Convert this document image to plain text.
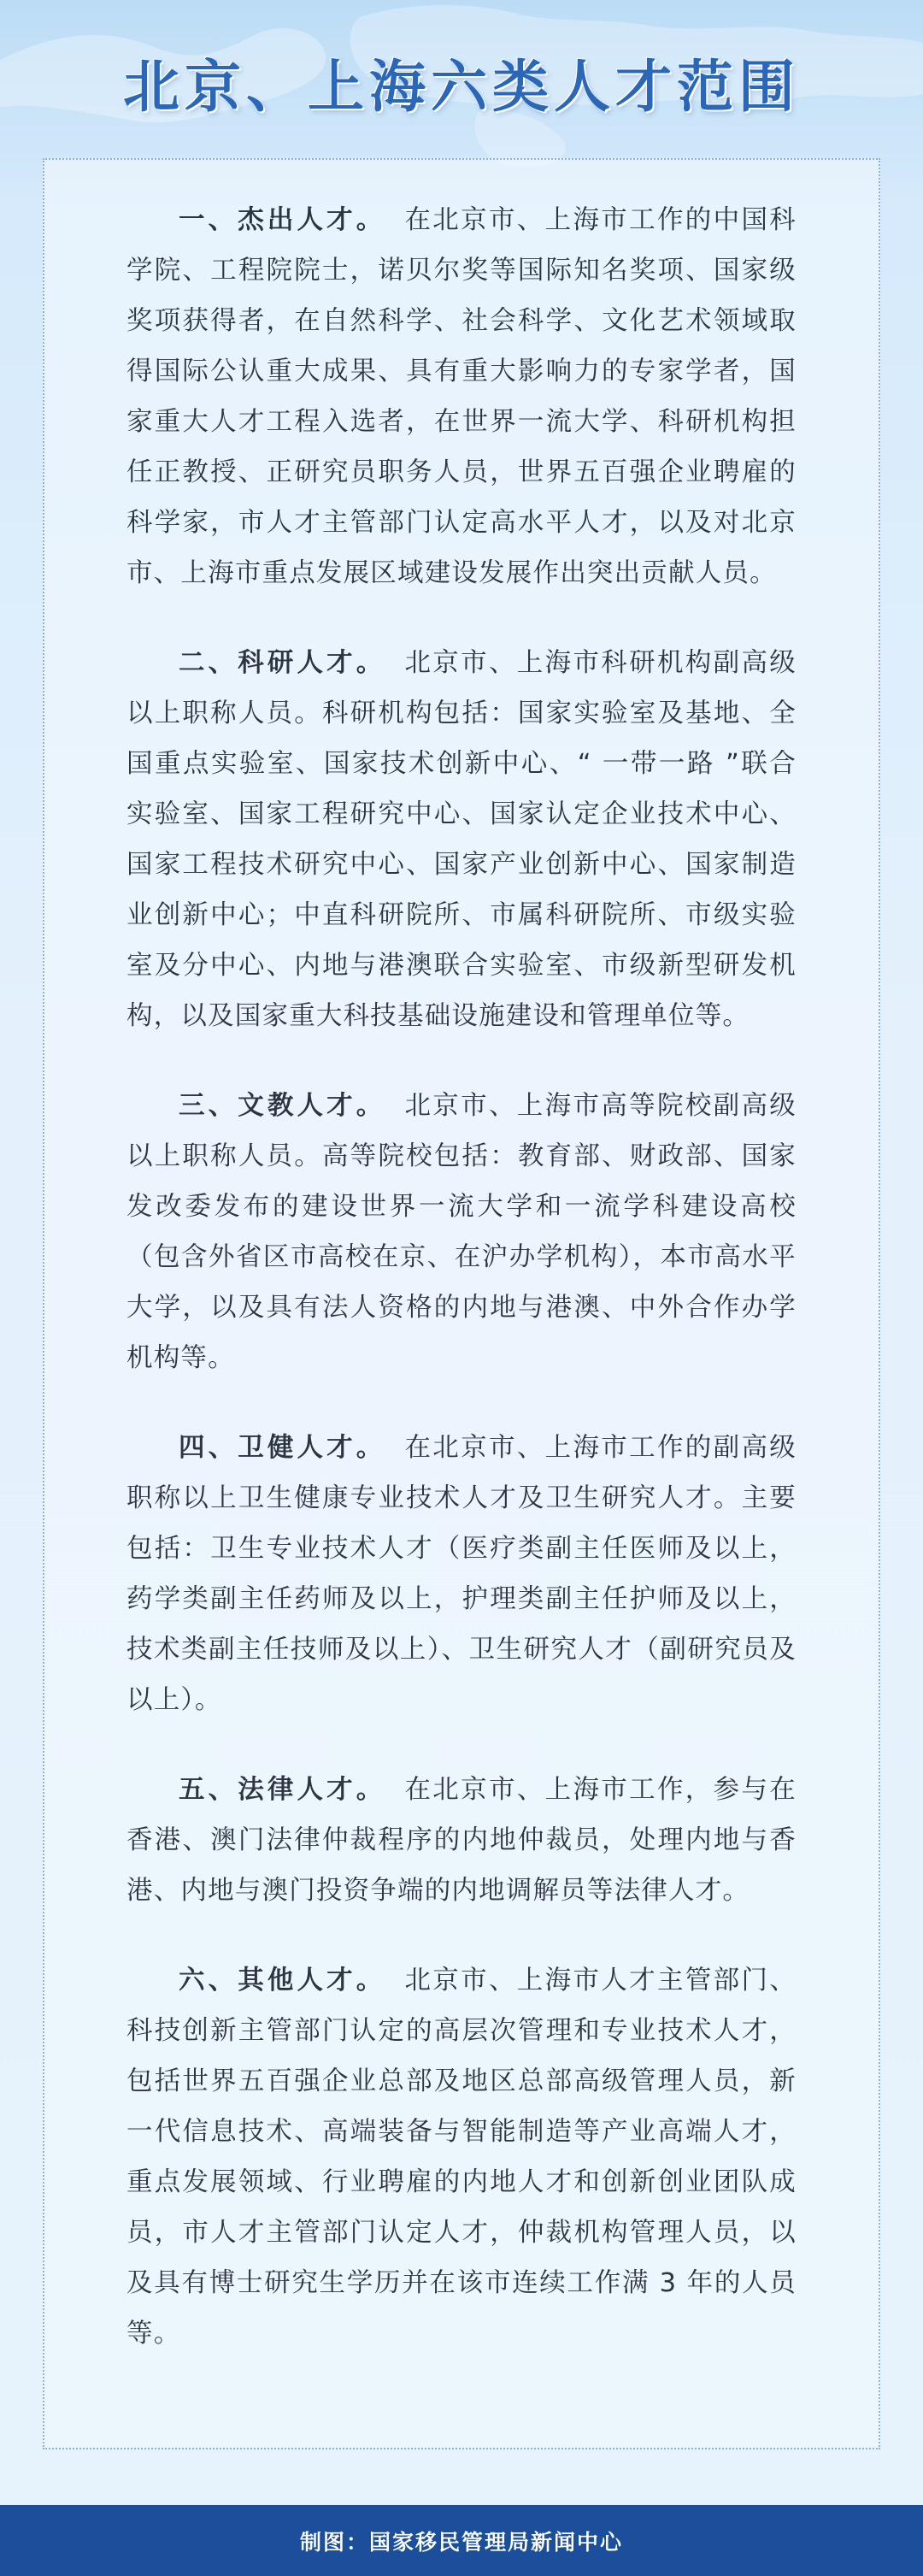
北京、上海六类人才范围

一、杰出人才。 在北京市、上海市工作的中国科学院、工程院院士，诺贝尔奖等国际知名奖项、国家级奖项获得者，在自然科学、社会科学、文化艺术领域取得国际公认重大成果、具有重大影响力的专家学者，国家重大人才工程入选者，在世界一流大学、科研机构担任正教授、正研究员职务人员，世界五百强企业聘雇的科学家，市人才主管部门认定高水平人才，以及对北京市、上海市重点发展区域建设发展作出突出贡献人员。

二、科研人才。 北京市、上海市科研机构副高级以上职称人员。科研机构包括：国家实验室及基地、全国重点实验室、国家技术创新中心、“ 一带一路 ”联合实验室、国家工程研究中心、国家认定企业技术中心、国家工程技术研究中心、国家产业创新中心、国家制造业创新中心；中直科研院所、市属科研院所、市级实验室及分中心、内地与港澳联合实验室、市级新型研发机构，以及国家重大科技基础设施建设和管理单位等。

三、文教人才。 北京市、上海市高等院校副高级以上职称人员。高等院校包括：教育部、财政部、国家发改委发布的建设世界一流大学和一流学科建设高校（包含外省区市高校在京、在沪办学机构），本市高水平大学，以及具有法人资格的内地与港澳、中外合作办学机构等。

四、卫健人才。 在北京市、上海市工作的副高级职称以上卫生健康专业技术人才及卫生研究人才。主要包括：卫生专业技术人才（医疗类副主任医师及以上，药学类副主任药师及以上，护理类副主任护师及以上，技术类副主任技师及以上）、卫生研究人才（副研究员及以上）。

五、法律人才。 在北京市、上海市工作，参与在香港、澳门法律仲裁程序的内地仲裁员，处理内地与香港、内地与澳门投资争端的内地调解员等法律人才。

六、其他人才。 北京市、上海市人才主管部门、科技创新主管部门认定的高层次管理和专业技术人才，包括世界五百强企业总部及地区总部高级管理人员，新一代信息技术、高端装备与智能制造等产业高端人才，重点发展领域、行业聘雇的内地人才和创新创业团队成员，市人才主管部门认定人才，仲裁机构管理人员，以及具有博士研究生学历并在该市连续工作满 3 年的人员等。

制图：国家移民管理局新闻中心
